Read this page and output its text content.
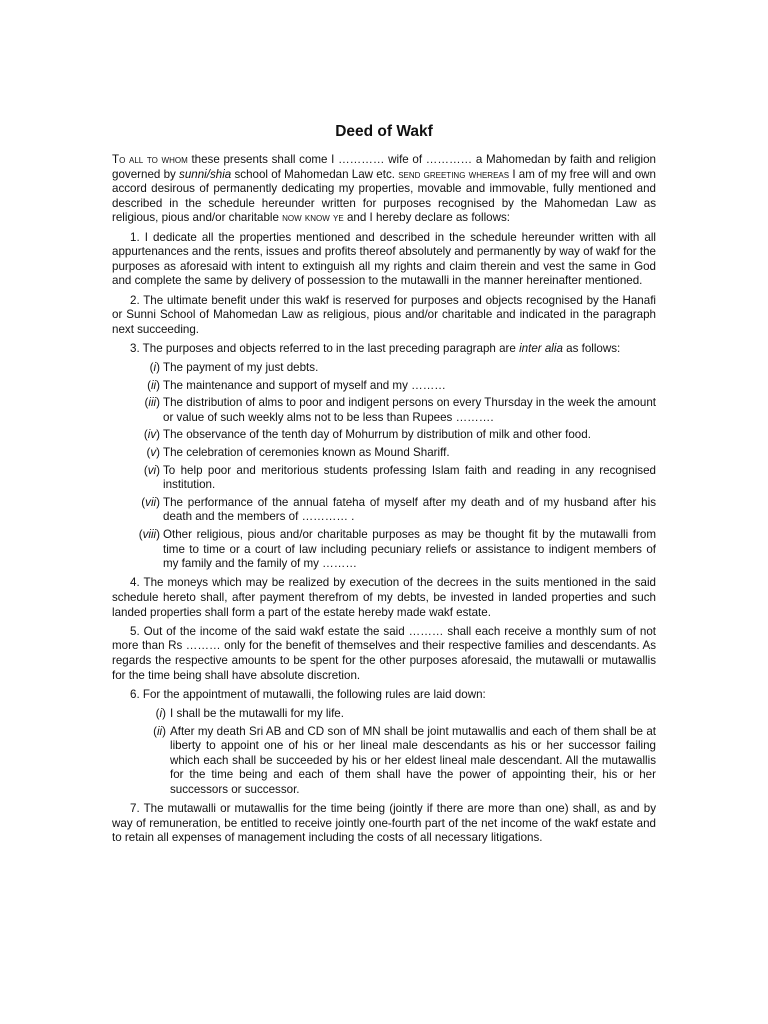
Deed of Wakf

To all to whom these presents shall come I ………… wife of ………… a Mahomedan by faith and religion governed by sunni/shia school of Mahomedan Law etc. send greeting whereas I am of my free will and own accord desirous of permanently dedicating my properties, movable and immovable, fully mentioned and described in the schedule hereunder written for purposes recognised by the Mahomedan Law as religious, pious and/or charitable now know ye and I hereby declare as follows:

1. I dedicate all the properties mentioned and described in the schedule hereunder written with all appurtenances and the rents, issues and profits thereof absolutely and permanently by way of wakf for the purposes as aforesaid with intent to extinguish all my rights and claim therein and vest the same in God and complete the same by delivery of possession to the mutawalli in the manner hereinafter mentioned.

2. The ultimate benefit under this wakf is reserved for purposes and objects recognised by the Hanafi or Sunni School of Mahomedan Law as religious, pious and/or charitable and indicated in the paragraph next succeeding.

3. The purposes and objects referred to in the last preceding paragraph are inter alia as follows:

(i) The payment of my just debts.
(ii) The maintenance and support of myself and my ………
(iii) The distribution of alms to poor and indigent persons on every Thursday in the week the amount or value of such weekly alms not to be less than Rupees ……….
(iv) The observance of the tenth day of Mohurrum by distribution of milk and other food.
(v) The celebration of ceremonies known as Mound Shariff.
(vi) To help poor and meritorious students professing Islam faith and reading in any recognised institution.
(vii) The performance of the annual fateha of myself after my death and of my husband after his death and the members of ………… .
(viii) Other religious, pious and/or charitable purposes as may be thought fit by the mutawalli from time to time or a court of law including pecuniary reliefs or assistance to indigent members of my family and the family of my ………

4. The moneys which may be realized by execution of the decrees in the suits mentioned in the said schedule hereto shall, after payment therefrom of my debts, be invested in landed properties and such landed properties shall form a part of the estate hereby made wakf estate.

5. Out of the income of the said wakf estate the said ……… shall each receive a monthly sum of not more than Rs ……… only for the benefit of themselves and their respective families and descendants. As regards the respective amounts to be spent for the other purposes aforesaid, the mutawalli or mutawallis for the time being shall have absolute discretion.

6. For the appointment of mutawalli, the following rules are laid down:

(i) I shall be the mutawalli for my life.
(ii) After my death Sri AB and CD son of MN shall be joint mutawallis and each of them shall be at liberty to appoint one of his or her lineal male descendants as his or her successor failing which each shall be succeeded by his or her eldest lineal male descendant. All the mutawallis for the time being and each of them shall have the power of appointing their, his or her successors or successor.

7. The mutawalli or mutawallis for the time being (jointly if there are more than one) shall, as and by way of remuneration, be entitled to receive jointly one-fourth part of the net income of the wakf estate and to retain all expenses of management including the costs of all necessary litigations.
